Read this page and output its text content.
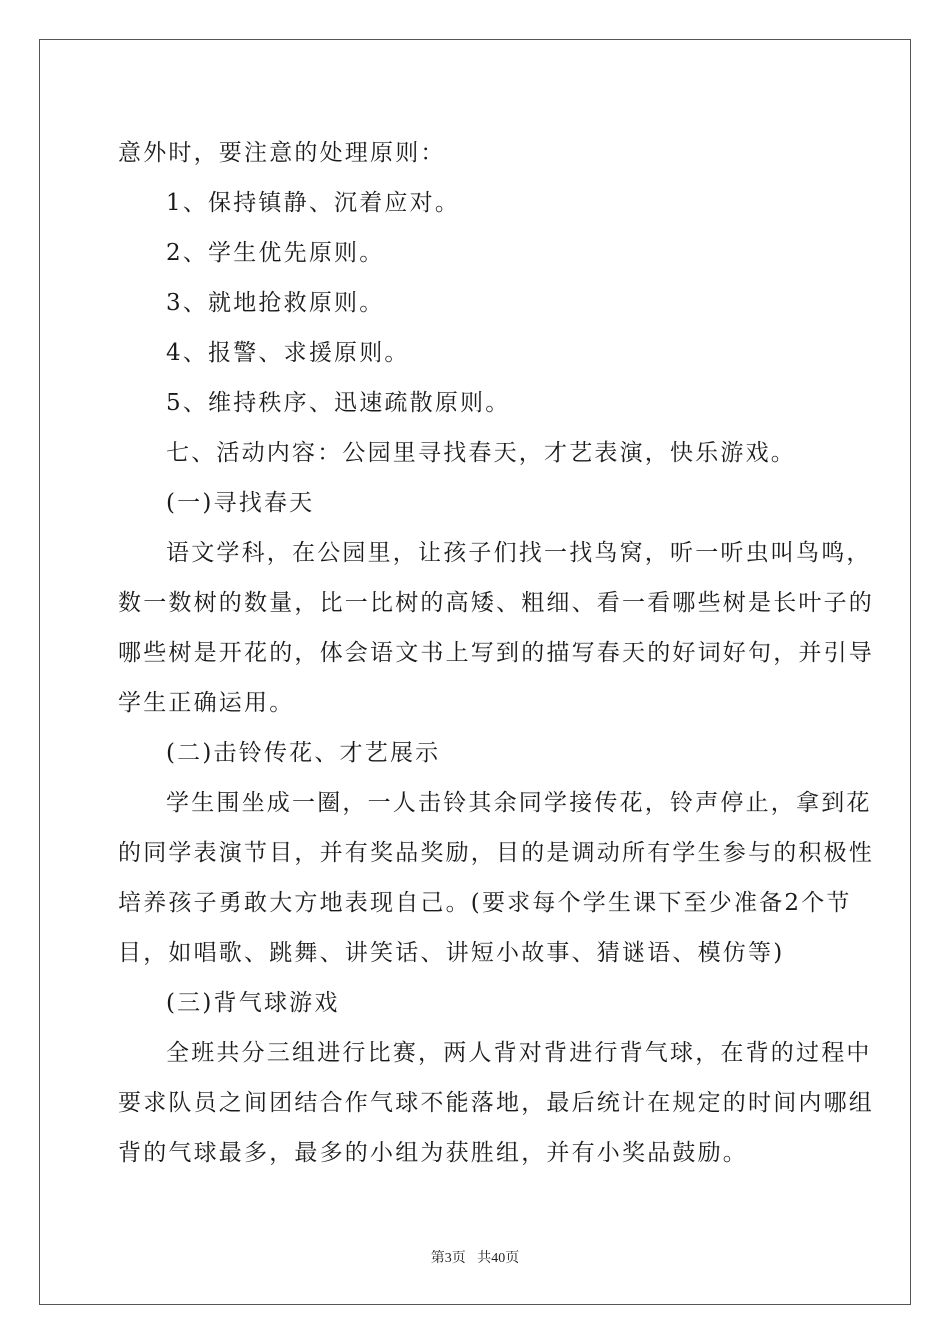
意外时，要注意的处理原则：
1、保持镇静、沉着应对。
2、学生优先原则。
3、就地抢救原则。
4、报警、求援原则。
5、维持秩序、迅速疏散原则。
七、活动内容：公园里寻找春天，才艺表演，快乐游戏。
(一)寻找春天
语文学科，在公园里，让孩子们找一找鸟窝，听一听虫叫鸟鸣，
数一数树的数量，比一比树的高矮、粗细、看一看哪些树是长叶子的
哪些树是开花的，体会语文书上写到的描写春天的好词好句，并引导
学生正确运用。
(二)击铃传花、才艺展示
学生围坐成一圈，一人击铃其余同学接传花，铃声停止，拿到花
的同学表演节目，并有奖品奖励，目的是调动所有学生参与的积极性
培养孩子勇敢大方地表现自己。(要求每个学生课下至少准备2个节
目，如唱歌、跳舞、讲笑话、讲短小故事、猜谜语、模仿等)
(三)背气球游戏
全班共分三组进行比赛，两人背对背进行背气球，在背的过程中
要求队员之间团结合作气球不能落地，最后统计在规定的时间内哪组
背的气球最多，最多的小组为获胜组，并有小奖品鼓励。
第3页 共40页
